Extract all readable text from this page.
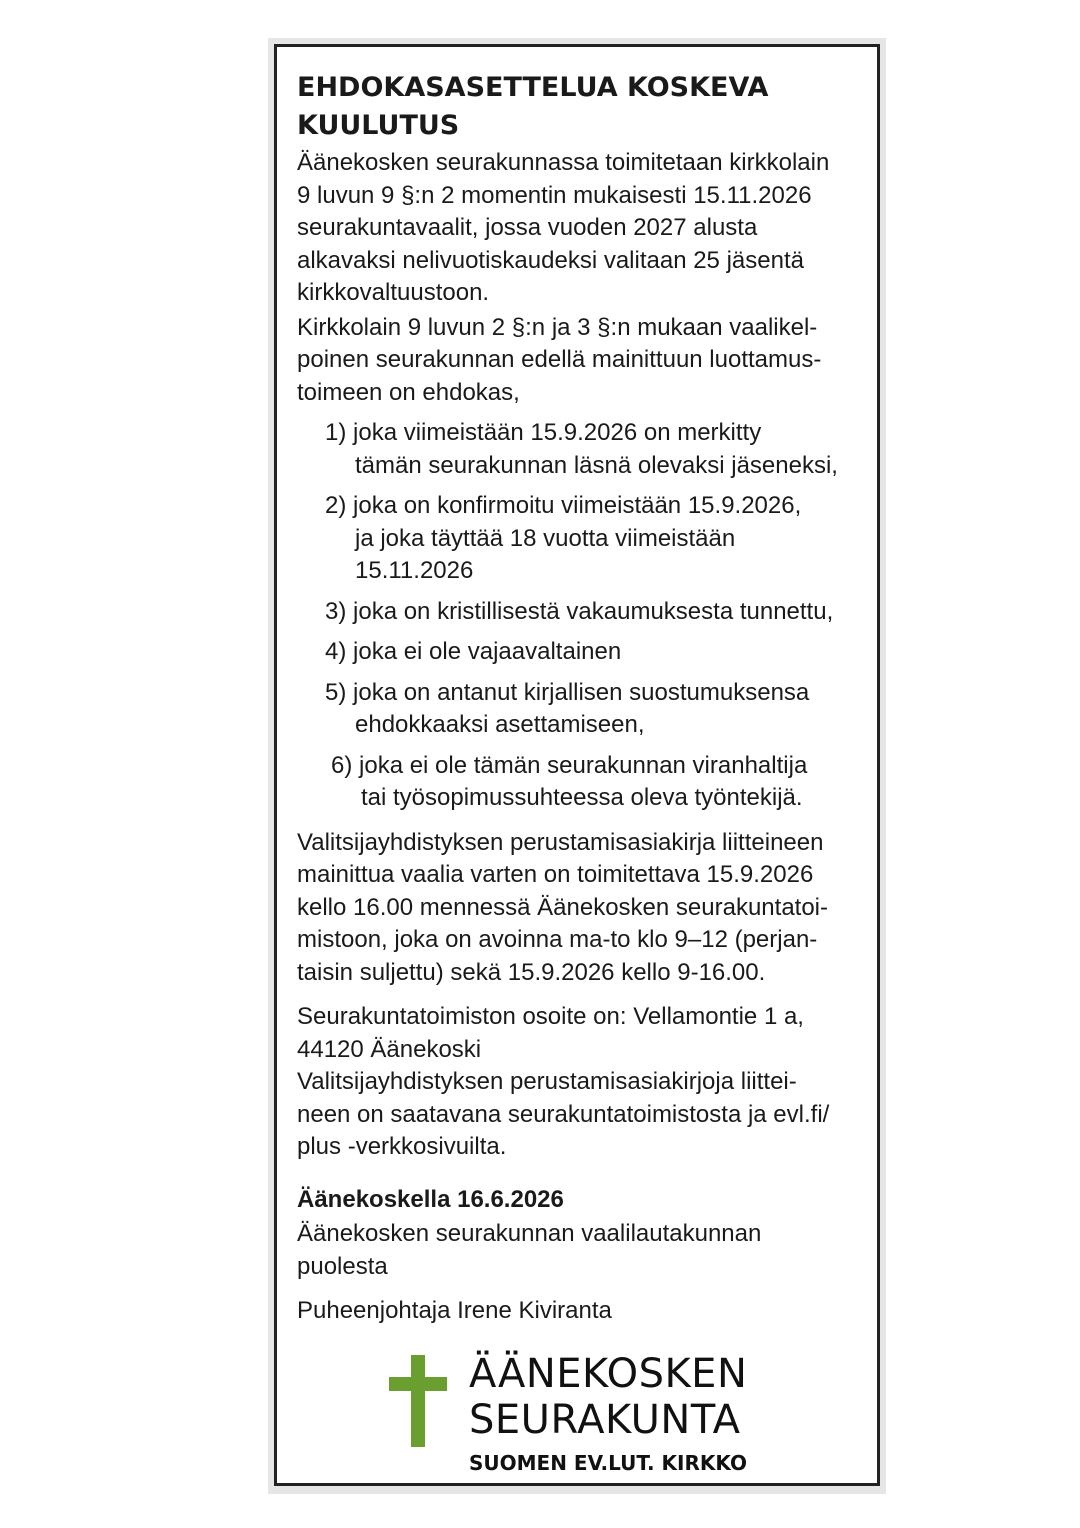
EHDOKASASETTELUA KOSKEVA
KUULUTUS
Äänekosken seurakunnassa toimitetaan kirkkolain
9 luvun 9 §:n 2 momentin mukaisesti 15.11.2026
seurakuntavaalit, jossa vuoden 2027 alusta
alkavaksi nelivuotiskaudeksi valitaan 25 jäsentä
kirkkovaltuustoon.
Kirkkolain 9 luvun 2 §:n ja 3 §:n mukaan vaalikel-
poinen seurakunnan edellä mainittuun luottamus-
toimeen on ehdokas,
1) joka viimeistään 15.9.2026 on merkitty
tämän seurakunnan läsnä olevaksi jäseneksi,
2) joka on konfirmoitu viimeistään 15.9.2026,
ja joka täyttää 18 vuotta viimeistään
15.11.2026
3) joka on kristillisestä vakaumuksesta tunnettu,
4) joka ei ole vajaavaltainen
5) joka on antanut kirjallisen suostumuksensa
ehdokkaaksi asettamiseen,
6) joka ei ole tämän seurakunnan viranhaltija
tai työsopimussuhteessa oleva työntekijä.
Valitsijayhdistyksen perustamisasiakirja liitteineen
mainittua vaalia varten on toimitettava 15.9.2026
kello 16.00 mennessä Äänekosken seurakuntatoi-
mistoon, joka on avoinna ma-to klo 9–12 (perjan-
taisin suljettu) sekä 15.9.2026 kello 9-16.00.
Seurakuntatoimiston osoite on: Vellamontie 1 a,
44120 Äänekoski
Valitsijayhdistyksen perustamisasiakirjoja liittei-
neen on saatavana seurakuntatoimistosta ja evl.fi/
plus -verkkosivuilta.
Äänekoskella 16.6.2026
Äänekosken seurakunnan vaalilautakunnan
puolesta
Puheenjohtaja Irene Kiviranta
ÄÄNEKOSKEN
SEURAKUNTA
SUOMEN EV.LUT. KIRKKO
